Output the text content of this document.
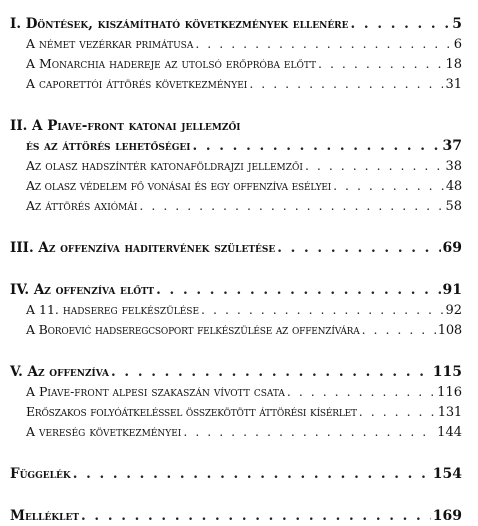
I. Döntések, kiszámítható következmények ellenére . . .	5
A német vezérkar primátusa . . .	6
A Monarchia hadereje az utolsó erőpróba előtt . . .	18
A caporettói áttörés következményei . . .	31
II. A Piave-front katonai jellemzői
és az áttörés lehetőségei . . .	37
Az olasz hadszíntér katonaföldrajzi jellemzői . . .	38
Az olasz védelem fő vonásai és egy offenzíva esélyei . . .	48
Az áttörés axiómái . . .	58
III. Az offenzíva haditervének születése . . .	69
IV. Az offenzíva előtt . . .	91
A 11. hadsereg felkészülése . . .	92
A Boroević hadseregcsoport felkészülése az offenzívára . . .	108
V. Az offenzíva . . .	115
A Piave-front alpesi szakaszán vívott csata . . .	116
Erőszakos folyóátkeléssel összekötött áttörési kísérlet . . .	131
A vereség következményei . . .	144
Függelék . . .	154
Melléklet . . .	169
